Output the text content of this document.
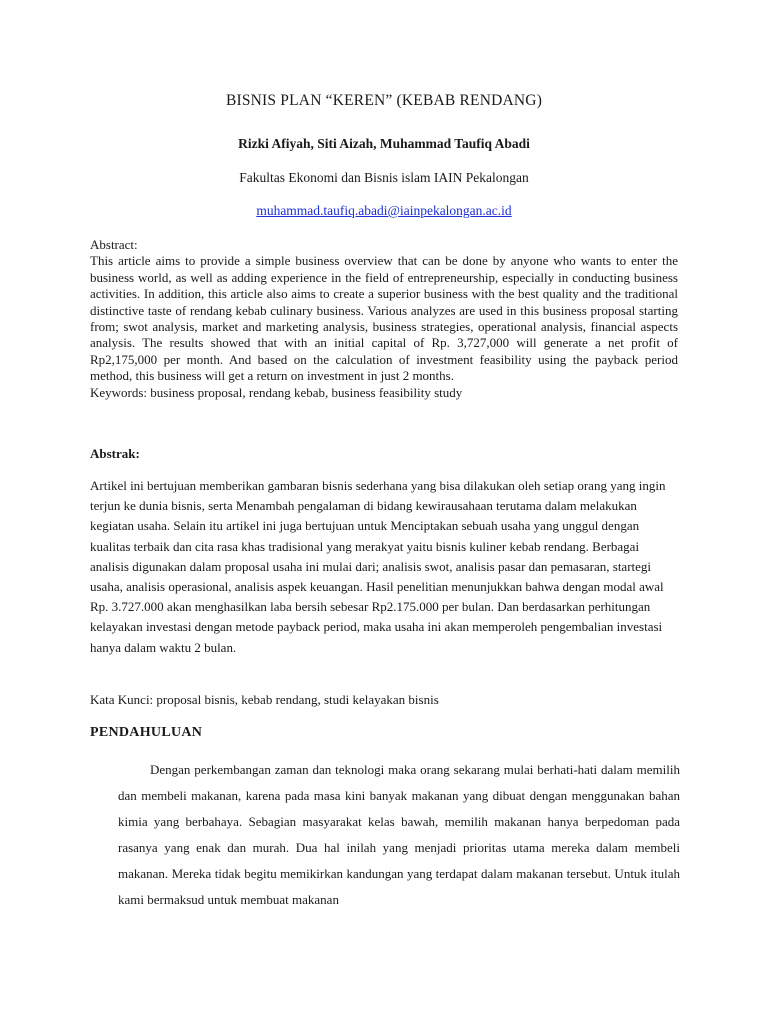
BISNIS PLAN “KEREN” (KEBAB RENDANG)
Rizki Afiyah, Siti Aizah, Muhammad Taufiq Abadi
Fakultas Ekonomi dan Bisnis islam IAIN Pekalongan
muhammad.taufiq.abadi@iainpekalongan.ac.id

Abstract:

This article aims to provide a simple business overview that can be done by anyone who wants to enter the business world, as well as adding experience in the field of entrepreneurship, especially in conducting business activities. In addition, this article also aims to create a superior business with the best quality and the traditional distinctive taste of rendang kebab culinary business. Various analyzes are used in this business proposal starting from; swot analysis, market and marketing analysis, business strategies, operational analysis, financial aspects analysis. The results showed that with an initial capital of Rp. 3,727,000 will generate a net profit of Rp2,175,000 per month. And based on the calculation of investment feasibility using the payback period method, this business will get a return on investment in just 2 months.

Keywords: business proposal, rendang kebab, business feasibility study

Abstrak:
Artikel ini bertujuan memberikan gambaran bisnis sederhana yang bisa dilakukan oleh setiap orang yang ingin terjun ke dunia bisnis, serta Menambah pengalaman di bidang kewirausahaan terutama dalam melakukan kegiatan usaha. Selain itu artikel ini juga bertujuan untuk Menciptakan sebuah usaha yang unggul dengan kualitas terbaik dan cita rasa khas tradisional yang merakyat yaitu bisnis kuliner kebab rendang. Berbagai analisis digunakan dalam proposal usaha ini mulai dari; analisis swot, analisis pasar dan pemasaran, startegi usaha, analisis operasional, analisis aspek keuangan. Hasil penelitian menunjukkan bahwa dengan modal awal Rp. 3.727.000 akan menghasilkan laba bersih sebesar Rp2.175.000 per bulan. Dan berdasarkan perhitungan kelayakan investasi dengan metode payback period, maka usaha ini akan memperoleh pengembalian investasi hanya dalam waktu 2 bulan.
Kata Kunci: proposal bisnis, kebab rendang, studi kelayakan bisnis
PENDAHULUAN
Dengan perkembangan zaman dan teknologi maka orang sekarang mulai berhati-hati dalam memilih dan membeli makanan, karena pada masa kini banyak makanan yang dibuat dengan menggunakan bahan kimia yang berbahaya. Sebagian masyarakat kelas bawah, memilih makanan hanya berpedoman pada rasanya yang enak dan murah. Dua hal inilah yang menjadi prioritas utama mereka dalam membeli makanan. Mereka tidak begitu memikirkan kandungan yang terdapat dalam makanan tersebut. Untuk itulah kami bermaksud untuk membuat makanan
